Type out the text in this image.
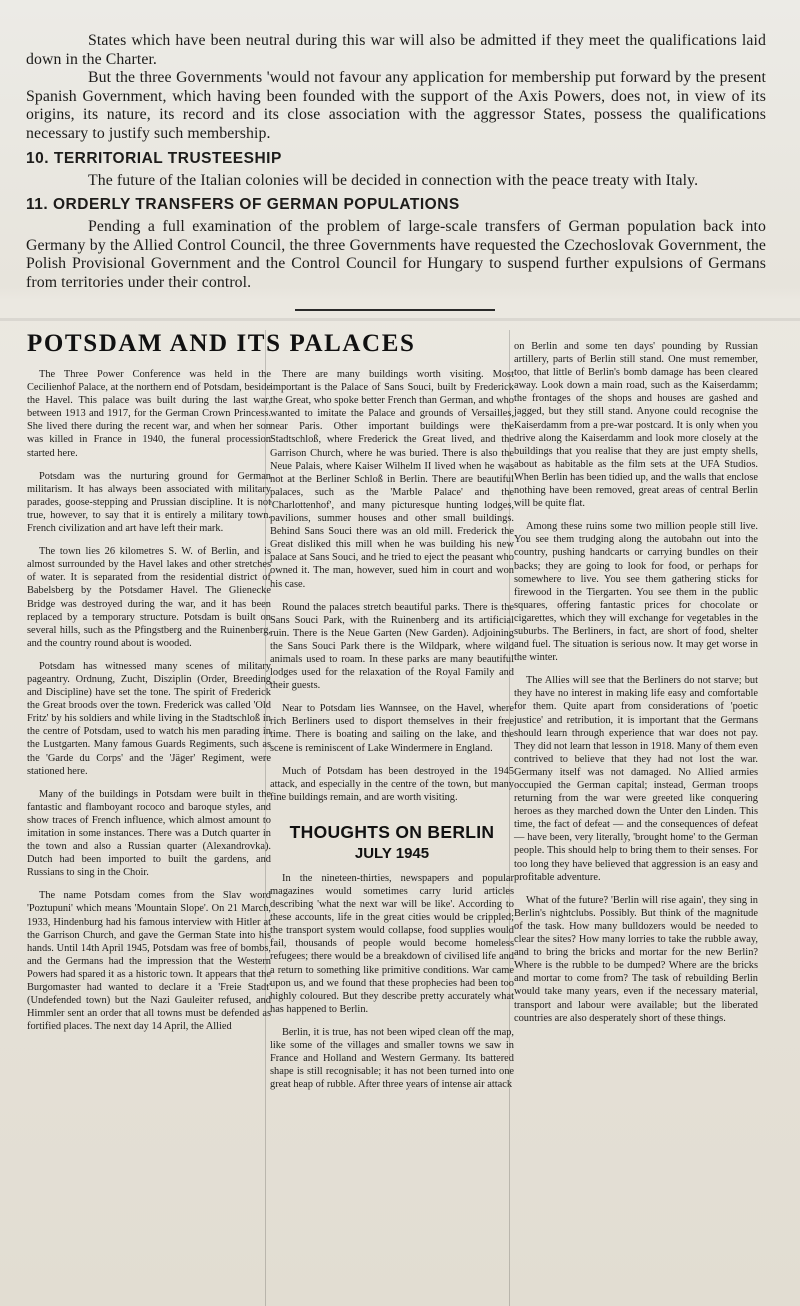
States which have been neutral during this war will also be admitted if they meet the qualifications laid down in the Charter.

But the three Governments 'would not favour any application for membership put forward by the present Spanish Government, which having been founded with the support of the Axis Powers, does not, in view of its origins, its nature, its record and its close association with the aggressor States, possess the qualifications necessary to justify such membership.

10. TERRITORIAL TRUSTEESHIP

The future of the Italian colonies will be decided in connection with the peace treaty with Italy.

11. ORDERLY TRANSFERS OF GERMAN POPULATIONS

Pending a full examination of the problem of large-scale transfers of German population back into Germany by the Allied Control Council, the three Governments have requested the Czechoslovak Government, the Polish Provisional Government and the Control Council for Hungary to suspend further expulsions of Germans from territories under their control.

POTSDAM AND ITS PALACES

The Three Power Conference was held in the Cecilienhof Palace, at the northern end of Potsdam, beside the Havel. This palace was built during the last war, between 1913 and 1917, for the German Crown Princess. She lived there during the recent war, and when her son was killed in France in 1940, the funeral procession started here.

Potsdam was the nurturing ground for German militarism. It has always been associated with military parades, goose-stepping and Prussian discipline. It is not true, however, to say that it is entirely a military town. French civilization and art have left their mark.

The town lies 26 kilometres S. W. of Berlin, and is almost surrounded by the Havel lakes and other stretches of water. It is separated from the residential district of Babelsberg by the Potsdamer Havel. The Glienecke Bridge was destroyed during the war, and it has been replaced by a temporary structure. Potsdam is built on several hills, such as the Pfingstberg and the Ruinenberg, and the country round about is wooded.

Potsdam has witnessed many scenes of military pageantry. Ordnung, Zucht, Disziplin (Order, Breeding and Discipline) have set the tone. The spirit of Frederick the Great broods over the town. Frederick was called 'Old Fritz' by his soldiers and while living in the Stadtschloß in the centre of Potsdam, used to watch his men parading in the Lustgarten. Many famous Guards Regiments, such as the 'Garde du Corps' and the 'Jäger' Regiment, were stationed here.

Many of the buildings in Potsdam were built in the fantastic and flamboyant rococo and baroque styles, and show traces of French influence, which almost amount to imitation in some instances. There was a Dutch quarter in the town and also a Russian quarter (Alexandrovka). Dutch had been imported to built the gardens, and Russians to sing in the Choir.

The name Potsdam comes from the Slav word 'Poztupuni' which means 'Mountain Slope'. On 21 March, 1933, Hindenburg had his famous interview with Hitler at the Garrison Church, and gave the German State into his hands. Until 14th April 1945, Potsdam was free of bombs, and the Germans had the impression that the Western Powers had spared it as a historic town. It appears that the Burgomaster had wanted to declare it a 'Freie Stadt' (Undefended town) but the Nazi Gauleiter refused, and Himmler sent an order that all towns must be defended as fortified places. The next day 14 April, the Allied

There are many buildings worth visiting. Most important is the Palace of Sans Souci, built by Frederick the Great, who spoke better French than German, and who wanted to imitate the Palace and grounds of Versailles, near Paris. Other important buildings were the Stadtschloß, where Frederick the Great lived, and the Garrison Church, where he was buried. There is also the Neue Palais, where Kaiser Wilhelm II lived when he was not at the Berliner Schloß in Berlin. There are beautiful palaces, such as the 'Marble Palace' and the 'Charlottenhof', and many picturesque hunting lodges, pavilions, summer houses and other small buildings. Behind Sans Souci there was an old mill. Frederick the Great disliked this mill when he was building his new palace at Sans Souci, and he tried to eject the peasant who owned it. The man, however, sued him in court and won his case.

Round the palaces stretch beautiful parks. There is the Sans Souci Park, with the Ruinenberg and its artificial ruin. There is the Neue Garten (New Garden). Adjoining the Sans Souci Park there is the Wildpark, where wild animals used to roam. In these parks are many beautiful lodges used for the relaxation of the Royal Family and their guests.

Near to Potsdam lies Wannsee, on the Havel, where rich Berliners used to disport themselves in their free time. There is boating and sailing on the lake, and the scene is reminiscent of Lake Windermere in England.

Much of Potsdam has been destroyed in the 1945 attack, and especially in the centre of the town, but many fine buildings remain, and are worth visiting.

THOUGHTS ON BERLIN
JULY 1945

In the nineteen-thirties, newspapers and popular magazines would sometimes carry lurid articles describing 'what the next war will be like'. According to these accounts, life in the great cities would be crippled; the transport system would collapse, food supplies would fail, thousands of people would become homeless refugees; there would be a breakdown of civilised life and a return to something like primitive conditions. War came upon us, and we found that these prophecies had been too highly coloured. But they describe pretty accurately what has happened to Berlin.

Berlin, it is true, has not been wiped clean off the map, like some of the villages and smaller towns we saw in France and Holland and Western Germany. Its battered shape is still recognisable; it has not been turned into one great heap of rubble. After three years of intense air attack

on Berlin and some ten days' pounding by Russian artillery, parts of Berlin still stand. One must remember, too, that little of Berlin's bomb damage has been cleared away. Look down a main road, such as the Kaiserdamm; the frontages of the shops and houses are gashed and jagged, but they still stand. Anyone could recognise the Kaiserdamm from a pre-war postcard. It is only when you drive along the Kaiserdamm and look more closely at the buildings that you realise that they are just empty shells, about as habitable as the film sets at the UFA Studios. When Berlin has been tidied up, and the walls that enclose nothing have been removed, great areas of central Berlin will be quite flat.

Among these ruins some two million people still live. You see them trudging along the autobahn out into the country, pushing handcarts or carrying bundles on their backs; they are going to look for food, or perhaps for somewhere to live. You see them gathering sticks for firewood in the Tiergarten. You see them in the public squares, offering fantastic prices for chocolate or cigarettes, which they will exchange for vegetables in the suburbs. The Berliners, in fact, are short of food, shelter and fuel. The situation is serious now. It may get worse in the winter.

The Allies will see that the Berliners do not starve; but they have no interest in making life easy and comfortable for them. Quite apart from considerations of 'poetic justice' and retribution, it is important that the Germans should learn through experience that war does not pay. They did not learn that lesson in 1918. Many of them even contrived to believe that they had not lost the war. Germany itself was not damaged. No Allied armies occupied the German capital; instead, German troops returning from the war were greeted like conquering heroes as they marched down the Unter den Linden. This time, the fact of defeat — and the consequences of defeat — have been, very literally, 'brought home' to the German people. This should help to bring them to their senses. For too long they have believed that aggression is an easy and profitable adventure.

What of the future? 'Berlin will rise again', they sing in Berlin's nightclubs. Possibly. But think of the magnitude of the task. How many bulldozers would be needed to clear the sites? How many lorries to take the rubble away, and to bring the bricks and mortar for the new Berlin? Where is the rubble to be dumped? Where are the bricks and mortar to come from? The task of rebuilding Berlin would take many years, even if the necessary material, transport and labour were available; but the liberated countries are also desperately short of these things.
